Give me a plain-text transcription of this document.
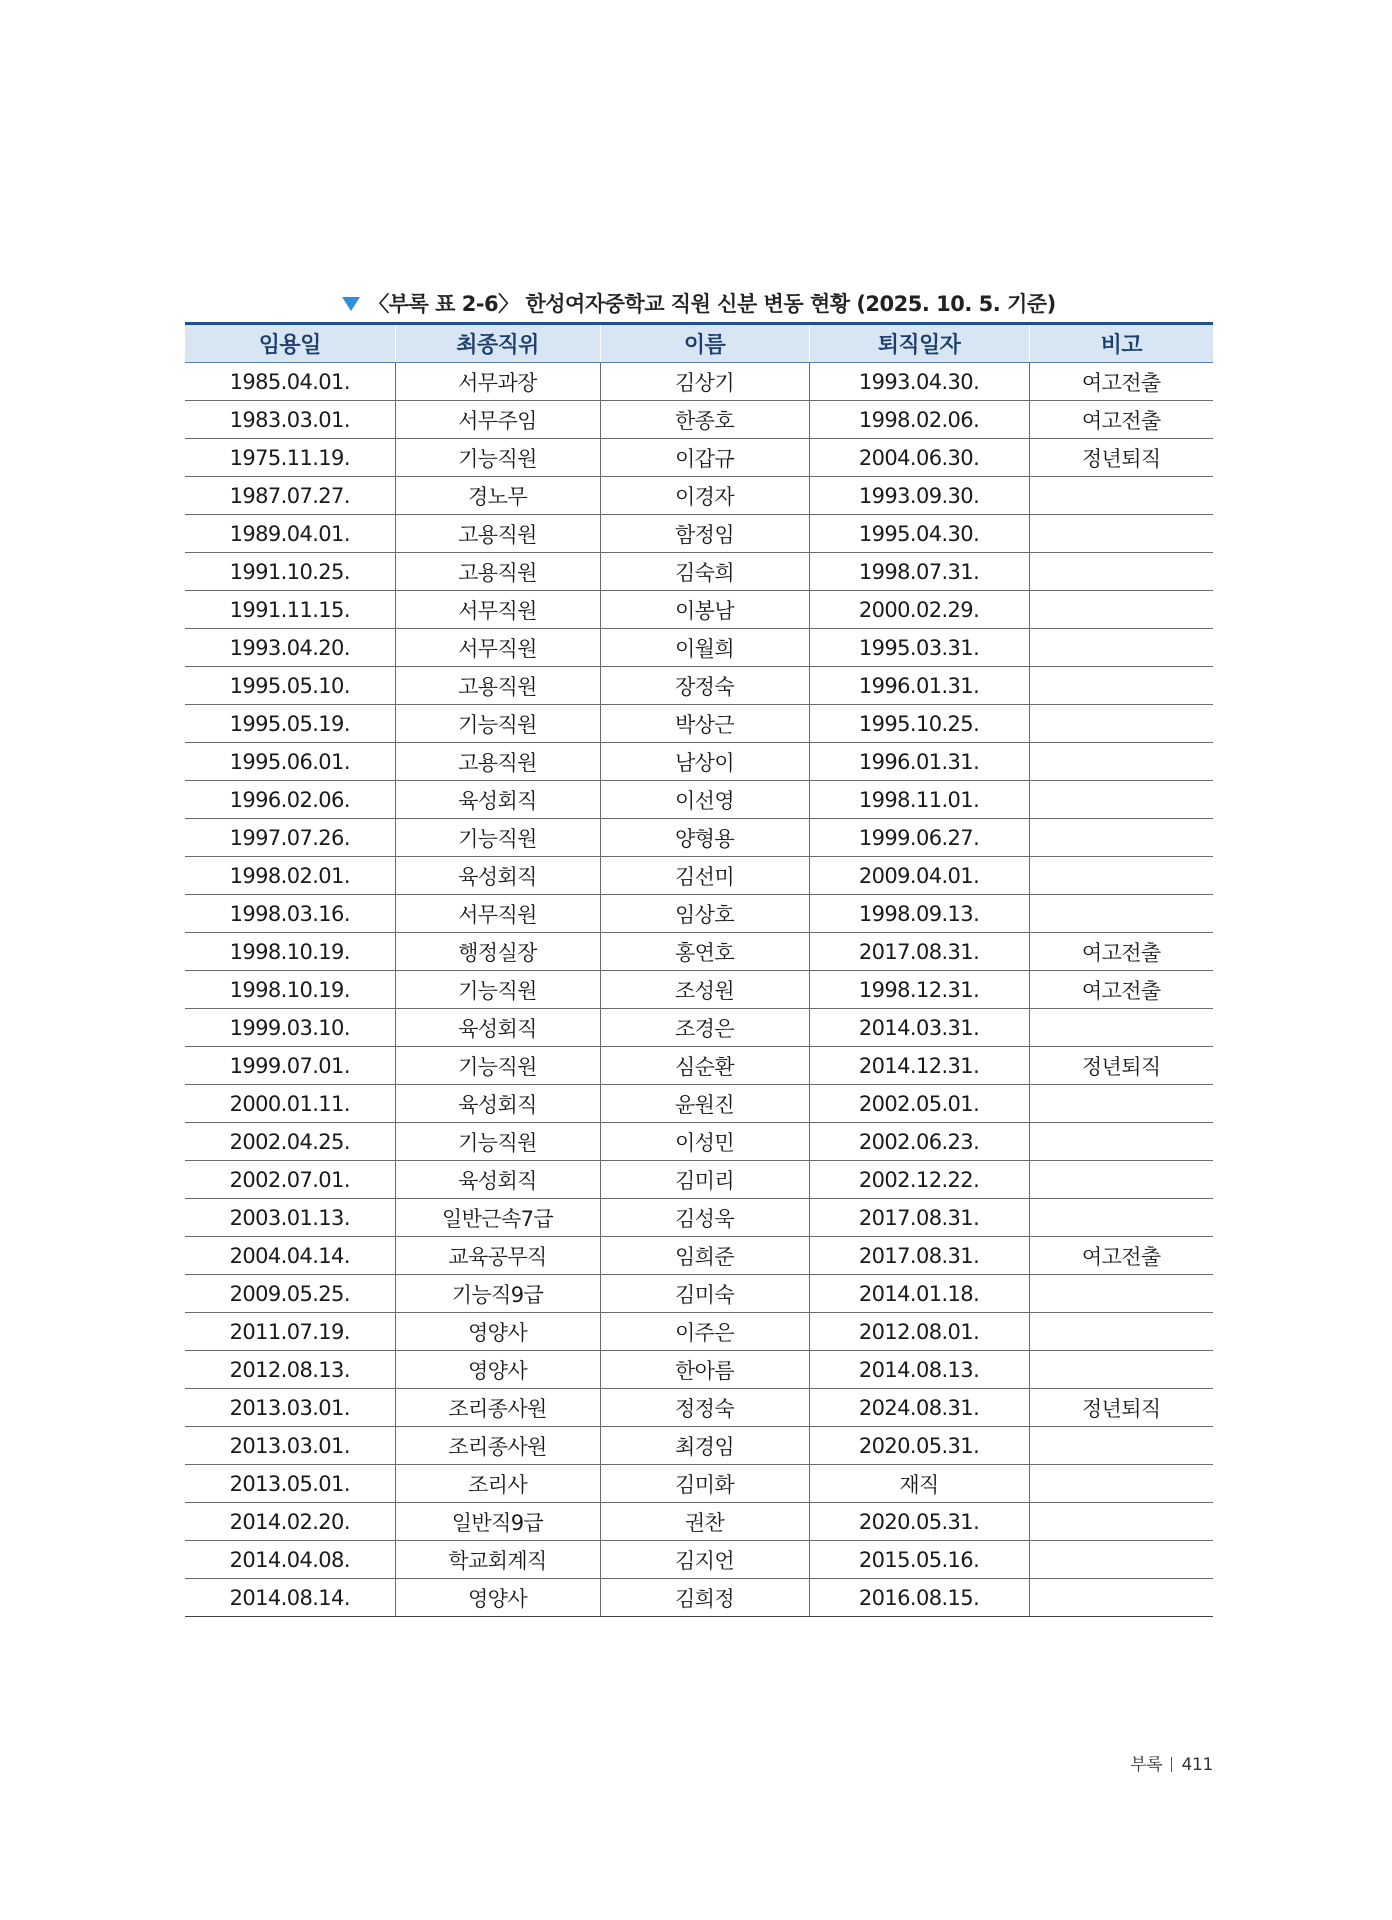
〈부록 표 2-6〉 한성여자중학교 직원 신분 변동 현황 (2025. 10. 5. 기준)
임용일	최종직위	이름	퇴직일자	비고
1985.04.01.	서무과장	김상기	1993.04.30.	여고전출
1983.03.01.	서무주임	한종호	1998.02.06.	여고전출
1975.11.19.	기능직원	이갑규	2004.06.30.	정년퇴직
1987.07.27.	경노무	이경자	1993.09.30.	
1989.04.01.	고용직원	함정임	1995.04.30.	
1991.10.25.	고용직원	김숙희	1998.07.31.	
1991.11.15.	서무직원	이봉남	2000.02.29.	
1993.04.20.	서무직원	이월희	1995.03.31.	
1995.05.10.	고용직원	장정숙	1996.01.31.	
1995.05.19.	기능직원	박상근	1995.10.25.	
1995.06.01.	고용직원	남상이	1996.01.31.	
1996.02.06.	육성회직	이선영	1998.11.01.	
1997.07.26.	기능직원	양형용	1999.06.27.	
1998.02.01.	육성회직	김선미	2009.04.01.	
1998.03.16.	서무직원	임상호	1998.09.13.	
1998.10.19.	행정실장	홍연호	2017.08.31.	여고전출
1998.10.19.	기능직원	조성원	1998.12.31.	여고전출
1999.03.10.	육성회직	조경은	2014.03.31.	
1999.07.01.	기능직원	심순환	2014.12.31.	정년퇴직
2000.01.11.	육성회직	윤원진	2002.05.01.	
2002.04.25.	기능직원	이성민	2002.06.23.	
2002.07.01.	육성회직	김미리	2002.12.22.	
2003.01.13.	일반근속7급	김성욱	2017.08.31.	
2004.04.14.	교육공무직	임희준	2017.08.31.	여고전출
2009.05.25.	기능직9급	김미숙	2014.01.18.	
2011.07.19.	영양사	이주은	2012.08.01.	
2012.08.13.	영양사	한아름	2014.08.13.	
2013.03.01.	조리종사원	정정숙	2024.08.31.	정년퇴직
2013.03.01.	조리종사원	최경임	2020.05.31.	
2013.05.01.	조리사	김미화	재직	
2014.02.20.	일반직9급	권찬	2020.05.31.	
2014.04.08.	학교회계직	김지언	2015.05.16.	
2014.08.14.	영양사	김희정	2016.08.15.	
부록 411
